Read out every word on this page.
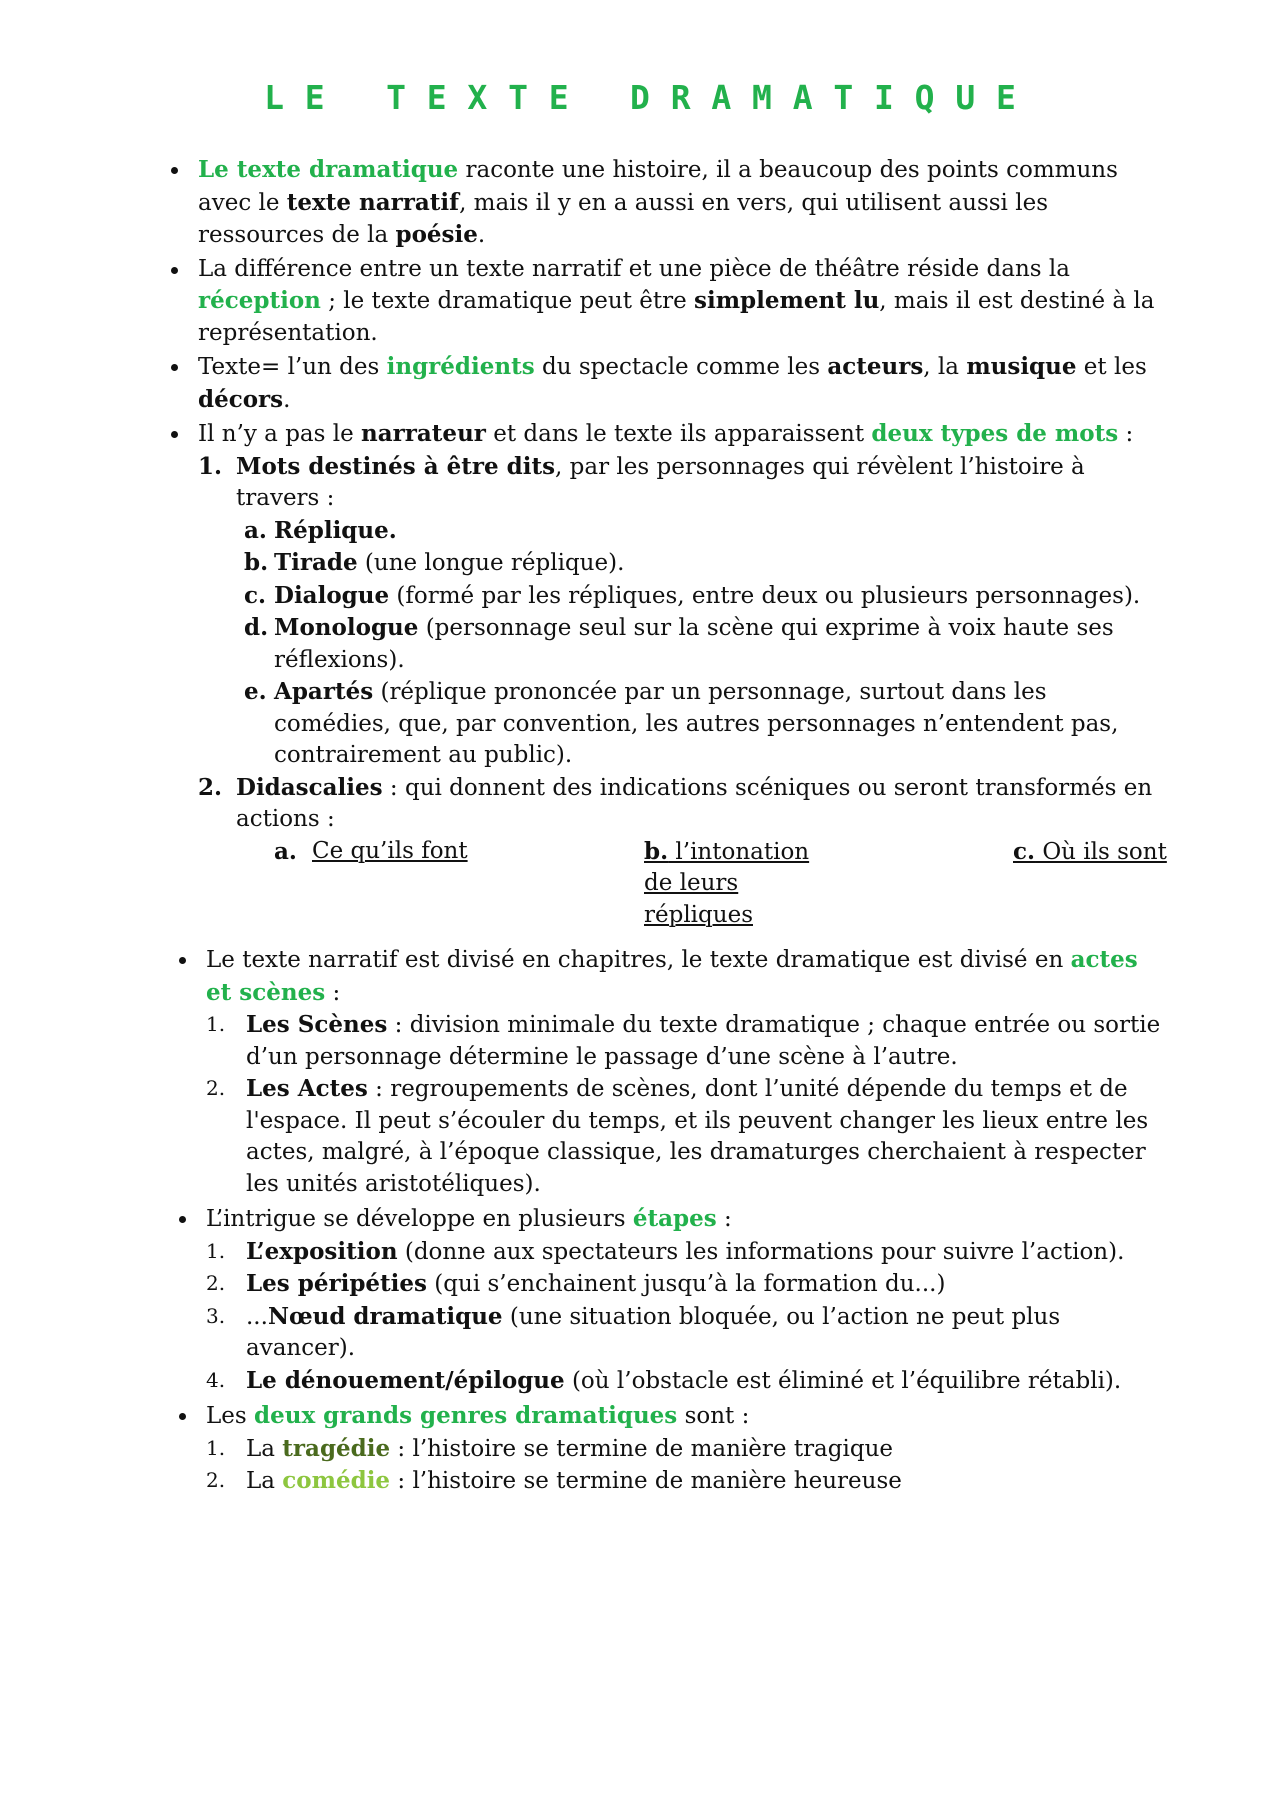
LE TEXTE DRAMATIQUE
Le texte dramatique raconte une histoire, il a beaucoup des points communs avec le texte narratif, mais il y en a aussi en vers, qui utilisent aussi les ressources de la poésie.
La différence entre un texte narratif et une pièce de théâtre réside dans la réception ; le texte dramatique peut être simplement lu, mais il est destiné à la représentation.
Texte= l’un des ingrédients du spectacle comme les acteurs, la musique et les décors.
Il n’y a pas le narrateur et dans le texte ils apparaissent deux types de mots :
1. Mots destinés à être dits, par les personnages qui révèlent l’histoire à travers :
a. Réplique.
b. Tirade (une longue réplique).
c. Dialogue (formé par les répliques, entre deux ou plusieurs personnages).
d. Monologue (personnage seul sur la scène qui exprime à voix haute ses réflexions).
e. Apartés (réplique prononcée par un personnage, surtout dans les comédies, que, par convention, les autres personnages n’entendent pas, contrairement au public).
2. Didascalies : qui donnent des indications scéniques ou seront transformés en actions :
a. Ce qu’ils font	b. l’intonation de leurs répliques
c. Où ils sont
Le texte narratif est divisé en chapitres, le texte dramatique est divisé en actes et scènes :
1. Les Scènes : division minimale du texte dramatique ; chaque entrée ou sortie d’un personnage détermine le passage d’une scène à l’autre.
2. Les Actes : regroupements de scènes, dont l’unité dépende du temps et de l'espace. Il peut s’écouler du temps, et ils peuvent changer les lieux entre les actes, malgré, à l’époque classique, les dramaturges cherchaient à respecter les unités aristotéliques).
L’intrigue se développe en plusieurs étapes :
1. L’exposition (donne aux spectateurs les informations pour suivre l’action).
2. Les péripéties (qui s’enchainent jusqu’à la formation du...)
3. ...Nœud dramatique (une situation bloquée, ou l’action ne peut plus avancer).
4. Le dénouement/épilogue (où l’obstacle est éliminé et l’équilibre rétabli).
Les deux grands genres dramatiques sont :
1. La tragédie : l’histoire se termine de manière tragique
2. La comédie : l’histoire se termine de manière heureuse
